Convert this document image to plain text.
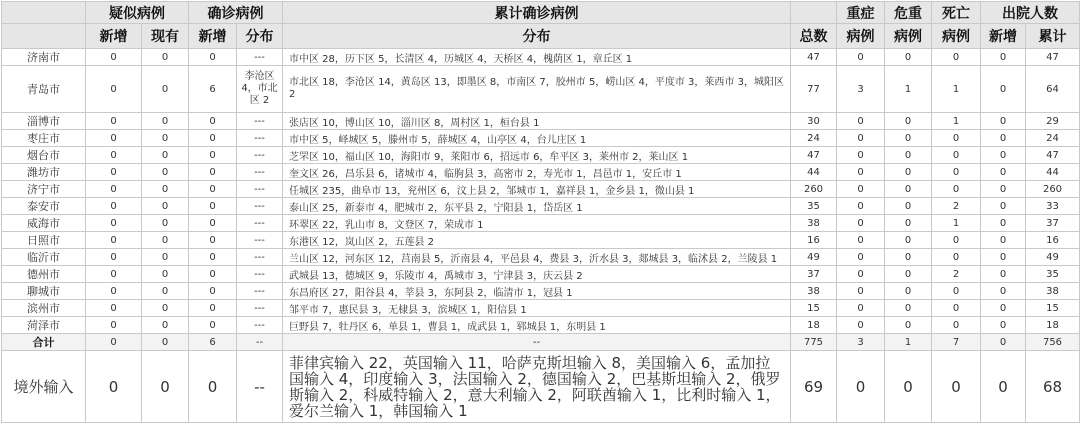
	疑似病例		确诊病例		累计确诊病例		重症	危重	死亡	出院人数	
	新增	现有	新增	分布	分布	总数	病例	病例	病例	新增	累计
济南市	0	0	0	---	市中区 28，历下区 5，长清区 4，历城区 4，天桥区 4，槐荫区 1，章丘区 1	47	0	0	0	0	47
青岛市	0	0	6	李沧区 4，市北区 2	市北区 18，李沧区 14，黄岛区 13，即墨区 8，市南区 7，胶州市 5，崂山区 4，平度市 3，莱西市 3，城阳区 2	77	3	1	1	0	64
淄博市	0	0	0	---	张店区 10，博山区 10，淄川区 8，周村区 1，桓台县 1	30	0	0	1	0	29
枣庄市	0	0	0	---	市中区 5，峄城区 5，滕州市 5，薛城区 4，山亭区 4，台儿庄区 1	24	0	0	0	0	24
烟台市	0	0	0	---	芝罘区 10，福山区 10，海阳市 9，莱阳市 6，招远市 6，牟平区 3，莱州市 2，莱山区 1	47	0	0	0	0	47
潍坊市	0	0	0	---	奎文区 26，昌乐县 6，诸城市 4，临朐县 3，高密市 2，寿光市 1，昌邑市 1，安丘市 1	44	0	0	0	0	44
济宁市	0	0	0	---	任城区 235，曲阜市 13，兖州区 6，汶上县 2，邹城市 1，嘉祥县 1，金乡县 1，微山县 1	260	0	0	0	0	260
泰安市	0	0	0	---	泰山区 25，新泰市 4，肥城市 2，东平县 2，宁阳县 1，岱岳区 1	35	0	0	2	0	33
威海市	0	0	0	---	环翠区 22，乳山市 8，文登区 7，荣成市 1	38	0	0	1	0	37
日照市	0	0	0	---	东港区 12，岚山区 2，五莲县 2	16	0	0	0	0	16
临沂市	0	0	0	---	兰山区 12，河东区 12，莒南县 5，沂南县 4，平邑县 4，费县 3，沂水县 3，郯城县 3，临沭县 2，兰陵县 1	49	0	0	0	0	49
德州市	0	0	0	---	武城县 13，德城区 9，乐陵市 4，禹城市 3，宁津县 3，庆云县 2	37	0	0	2	0	35
聊城市	0	0	0	---	东昌府区 27，阳谷县 4，莘县 3，东阿县 2，临清市 1，冠县 1	38	0	0	0	0	38
滨州市	0	0	0	---	邹平市 7，惠民县 3，无棣县 3，滨城区 1，阳信县 1	15	0	0	0	0	15
菏泽市	0	0	0	---	巨野县 7，牡丹区 6，单县 1，曹县 1，成武县 1，郓城县 1，东明县 1	18	0	0	0	0	18
合计	0	0	6	--	--	775	3	1	7	0	756
境外输入	0	0	0	--	菲律宾输入 22，英国输入 11，哈萨克斯坦输入 8，美国输入 6，孟加拉国输入 4，印度输入 3，法国输入 2，德国输入 2，巴基斯坦输入 2，俄罗斯输入 2，科威特输入 2，意大利输入 2，阿联酋输入 1，比利时输入 1，爱尔兰输入 1，韩国输入 1	69	0	0	0	0	68
